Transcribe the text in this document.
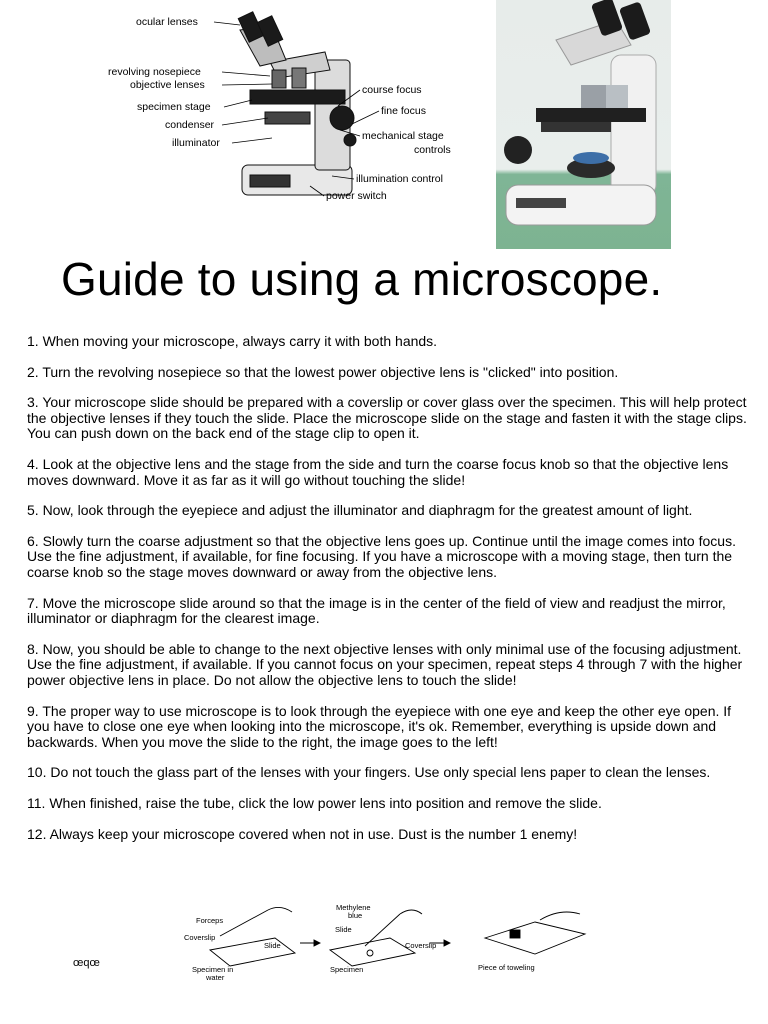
ocular lenses
revolving nosepiece
objective lenses
specimen stage
condenser
illuminator
course focus
fine focus
mechanical stage
controls
illumination control
power switch
Guide to using a microscope.

1. When moving your microscope, always carry it with both hands.

2. Turn the revolving nosepiece so that the lowest power objective lens is "clicked" into position.

3. Your microscope slide should be prepared with a coverslip or cover glass over the specimen. This will help protect the objective lenses if they touch the slide. Place the microscope slide on the stage and fasten it with the stage clips. You can push down on the back end of the stage clip to open it.

4. Look at the objective lens and the stage from the side and turn the coarse focus knob so that the objective lens moves downward. Move it as far as it will go without touching the slide!

5. Now, look through the eyepiece and adjust the illuminator and diaphragm for the greatest amount of light.

6. Slowly turn the coarse adjustment so that the objective lens goes up. Continue until the image comes into focus. Use the fine adjustment, if available, for fine focusing. If you have a microscope with a moving stage, then turn the coarse knob so the stage moves downward or away from the objective lens.

7. Move the microscope slide around so that the image is in the center of the field of view and readjust the mirror, illuminator or diaphragm for the clearest image.

8. Now, you should be able to change to the next objective lenses with only minimal use of the focusing adjustment. Use the fine adjustment, if available. If you cannot focus on your specimen, repeat steps 4 through 7 with the higher power objective lens in place. Do not allow the objective lens to touch the slide!

9. The proper way to use microscope is to look through the eyepiece with one eye and keep the other eye open. If you have to close one eye when looking into the microscope, it's ok. Remember, everything is upside down and backwards. When you move the slide to the right, the image goes to the left!

10. Do not touch the glass part of the lenses with your fingers. Use only special lens paper to clean the lenses.

11. When finished, raise the tube, click the low power lens into position and remove the slide.

12. Always keep your microscope covered when not in use. Dust is the number 1 enemy!

Forceps
Coverslip
Slide
Specimen in
water
Methylene
blue
Slide
Coverslip
Specimen	Piece of toweling
œqœ
